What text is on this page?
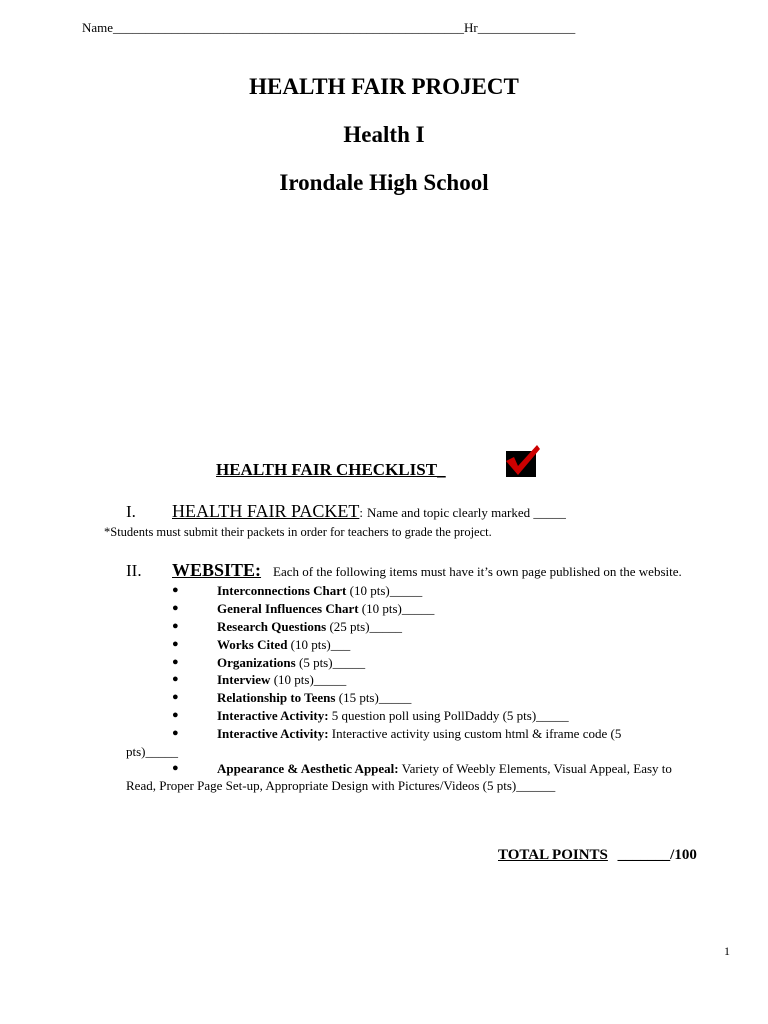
Name______________________________________________________Hr_______________
HEALTH FAIR PROJECT
Health I
Irondale High School
HEALTH FAIR CHECKLIST_
I. HEALTH FAIR PACKET: Name and topic clearly marked _____
*Students must submit their packets in order for teachers to grade the project.
II. WEBSITE: Each of the following items must have it’s own page published on the website.
●	Interconnections Chart (10 pts)_____
●	General Influences Chart (10 pts)_____
●	Research Questions (25 pts)_____
●	Works Cited (10 pts)___
●	Organizations (5 pts)_____
●	Interview (10 pts)_____
●	Relationship to Teens (15 pts)_____
●	Interactive Activity: 5 question poll using PollDaddy (5 pts)_____
●	Interactive Activity: Interactive activity using custom html & iframe code (5
pts)_____
●	Appearance & Aesthetic Appeal: Variety of Weebly Elements, Visual Appeal, Easy to
Read, Proper Page Set-up, Appropriate Design with Pictures/Videos (5 pts)______
TOTAL POINTS _______/100
1
